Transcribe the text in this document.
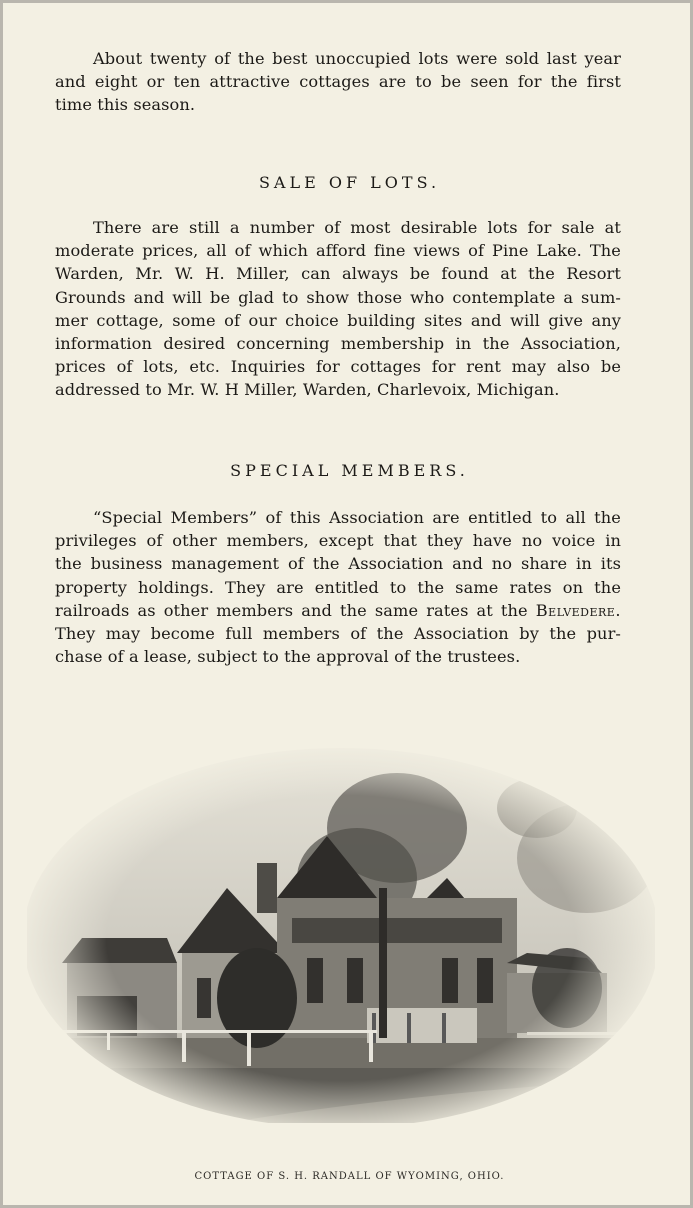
About twenty of the best unoccupied lots were sold last year
and eight or ten attractive cottages are to be seen for the first
time this season.
SALE OF LOTS.
There are still a number of most desirable lots for sale at
moderate prices, all of which afford fine views of Pine Lake. The
Warden, Mr. W. H. Miller, can always be found at the Resort
Grounds and will be glad to show those who contemplate a sum-
mer cottage, some of our choice building sites and will give any
information desired concerning membership in the Association,
prices of lots, etc. Inquiries for cottages for rent may also be
addressed to Mr. W. H Miller, Warden, Charlevoix, Michigan.
SPECIAL MEMBERS.
“Special Members” of this Association are entitled to all the
privileges of other members, except that they have no voice in
the business management of the Association and no share in its
property holdings. They are entitled to the same rates on the
railroads as other members and the same rates at the Belvedere.
They may become full members of the Association by the pur-
chase of a lease, subject to the approval of the trustees.
COTTAGE OF S. H. RANDALL OF WYOMING, OHIO.
